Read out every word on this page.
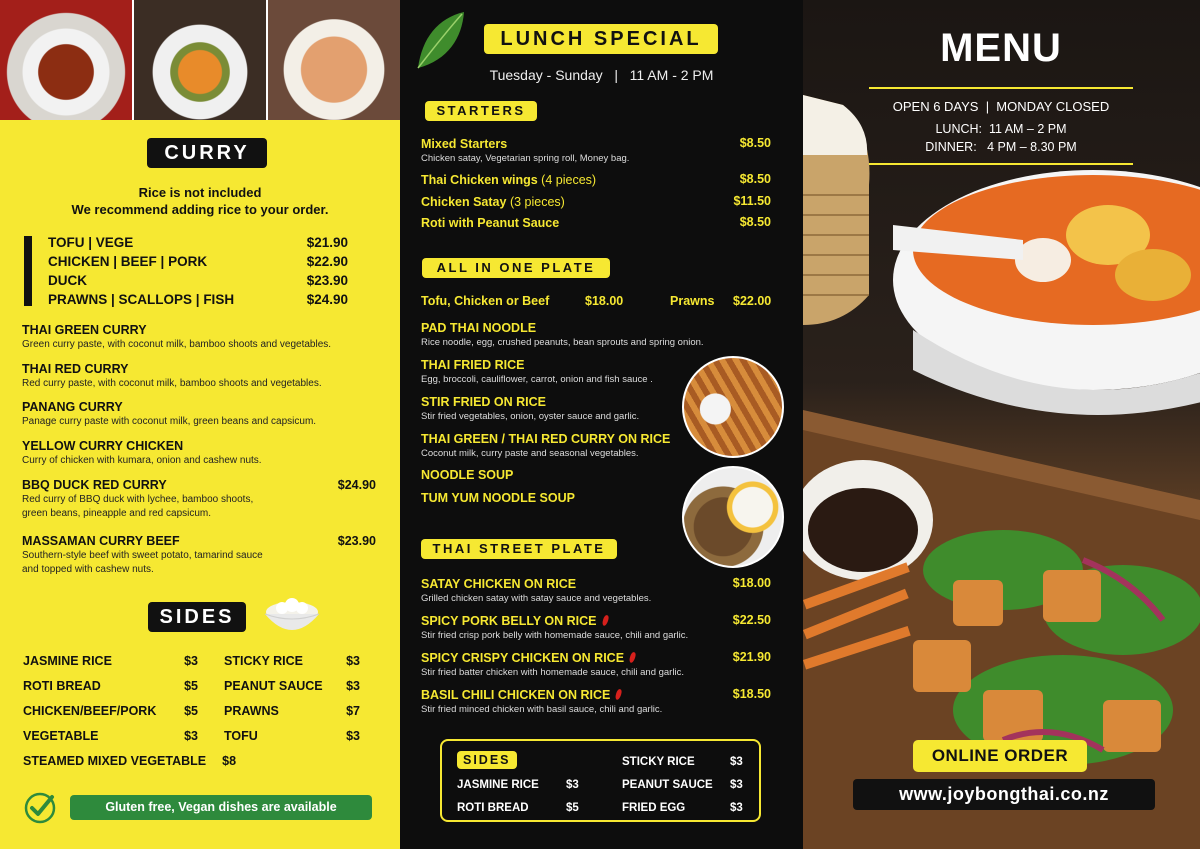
CURRY
Rice is not included
We recommend adding rice to your order.
TOFU | VEGE	$21.90
CHICKEN | BEEF | PORK	$22.90
DUCK	$23.90
PRAWNS | SCALLOPS | FISH	$24.90
THAI GREEN CURRY
Green curry paste, with coconut milk, bamboo shoots and vegetables.
THAI RED CURRY
Red curry paste, with coconut milk, bamboo shoots and vegetables.
PANANG CURRY
Panage curry paste with coconut milk, green beans and capsicum.
YELLOW CURRY CHICKEN
Curry of chicken with kumara, onion and cashew nuts.
BBQ DUCK RED CURRY	$24.90
Red curry of BBQ duck with lychee, bamboo shoots,
green beans, pineapple and red capsicum.
MASSAMAN CURRY BEEF	$23.90
Southern-style beef with sweet potato, tamarind sauce
and topped with cashew nuts.
SIDES
JASMINE RICE	$3
ROTI BREAD	$5
CHICKEN/BEEF/PORK $5
VEGETABLE	$3
STICKY RICE	$3
PEANUT SAUCE $3
PRAWNS	$7
TOFU	$3
STEAMED MIXED VEGETABLE $8
Gluten free, Vegan dishes are available
LUNCH SPECIAL
Tuesday - Sunday   |   11 AM - 2 PM
STARTERS
Mixed Starters	$8.50
Chicken satay, Vegetarian spring roll, Money bag.
Thai Chicken wings (4 pieces)	$8.50
Chicken Satay (3 pieces)	$11.50
Roti with Peanut Sauce	$8.50
ALL IN ONE PLATE
Tofu, Chicken or Beef	$18.00	Prawns $22.00
PAD THAI NOODLE
Rice noodle, egg, crushed peanuts, bean sprouts and spring onion.
THAI FRIED RICE
Egg, broccoli, cauliflower, carrot, onion and fish sauce .
STIR FRIED ON RICE
Stir fried vegetables, onion, oyster sauce and garlic.
THAI GREEN / THAI RED CURRY ON RICE
Coconut milk, curry paste and seasonal vegetables.
NOODLE SOUP
TUM YUM NOODLE SOUP
THAI STREET PLATE
SATAY CHICKEN ON RICE	$18.00
Grilled chicken satay with satay sauce and vegetables.
SPICY PORK BELLY ON RICE	$22.50
Stir fried crisp pork belly with homemade sauce, chili and garlic.
SPICY CRISPY CHICKEN ON RICE	$21.90
Stir fried batter chicken with homemade sauce, chili and garlic.
BASIL CHILI CHICKEN ON RICE	$18.50
Stir fried minced chicken with basil sauce, chili and garlic.
SIDES
JASMINE RICE $3
ROTI BREAD	$5
STICKY RICE	$3
PEANUT SAUCE $3
FRIED EGG	$3
MENU
OPEN 6 DAYS  |  MONDAY CLOSED
LUNCH:  11 AM – 2 PM
DINNER:   4 PM – 8.30 PM
ONLINE ORDER
www.joybongthai.co.nz
